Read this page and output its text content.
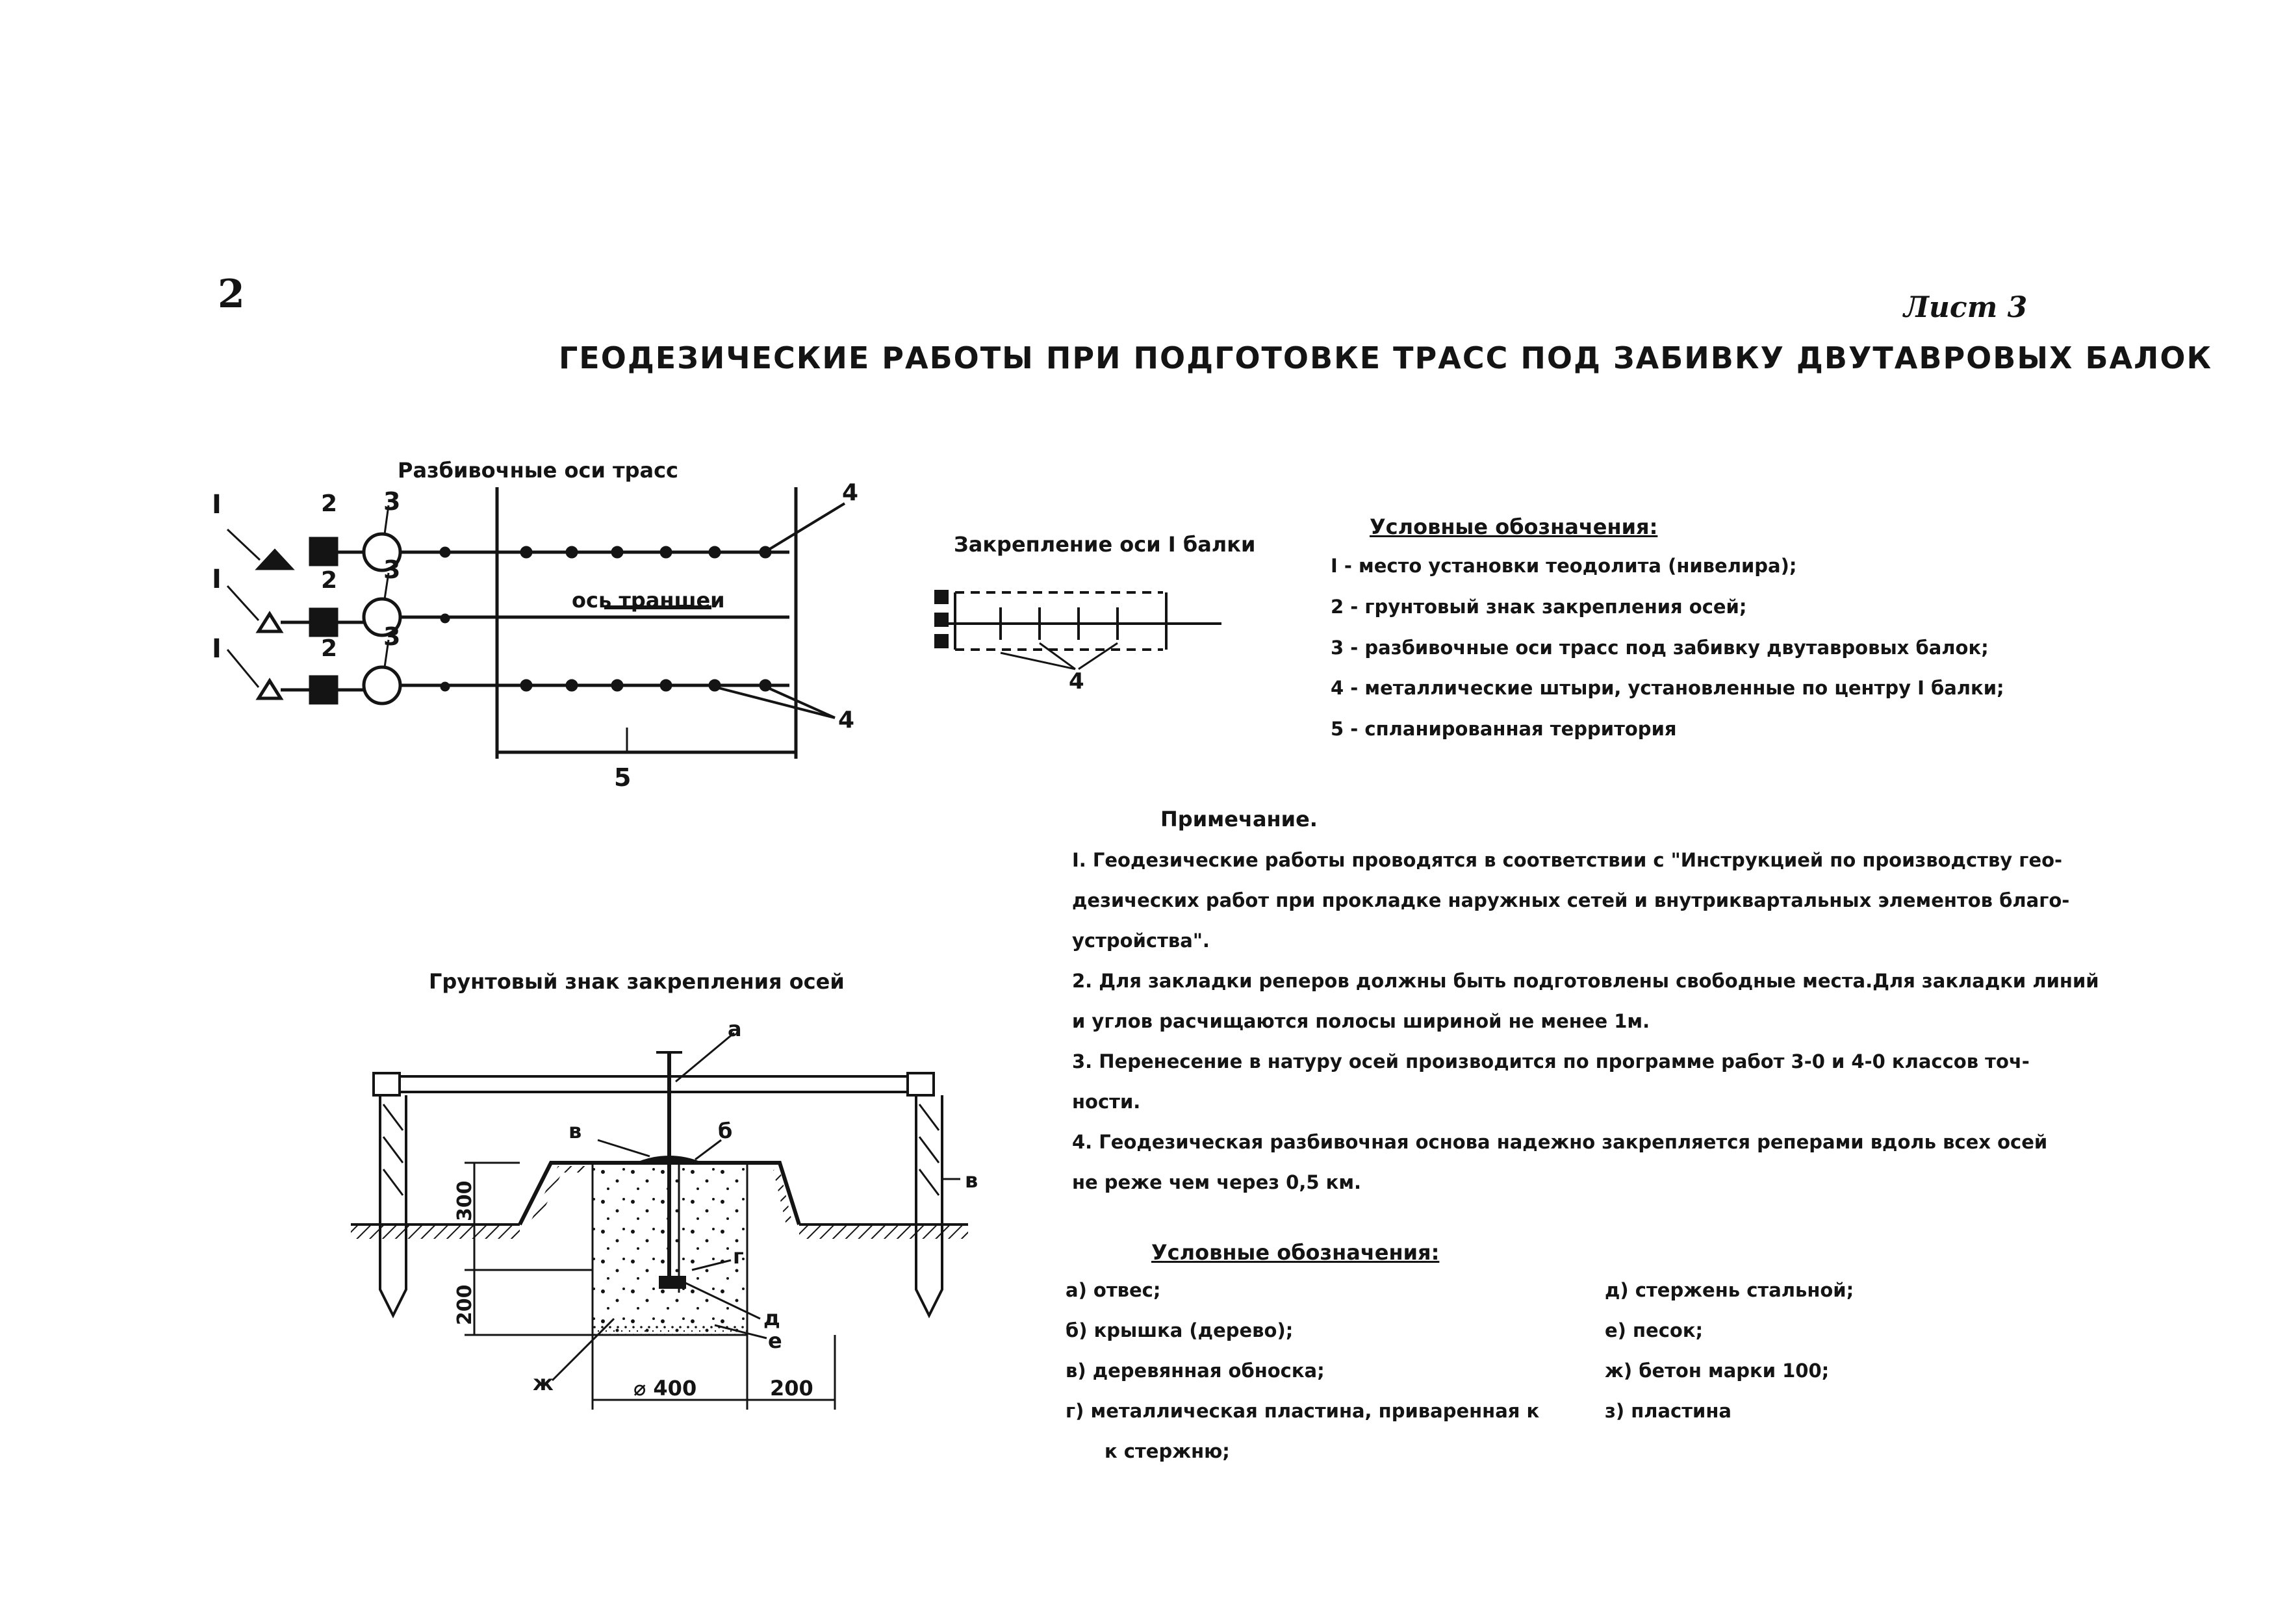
2	Лист 3
ГЕОДЕЗИЧЕСКИЕ РАБОТЫ ПРИ ПОДГОТОВКЕ ТРАСС ПОД ЗАБИВКУ ДВУТАВРОВЫХ БАЛОК
Разбивочные оси трасс
Закрепление оси I балки
Условные обозначения:
I - место установки теодолита (нивелира);
2 - грунтовый знак закрепления осей;
3 - разбивочные оси трасс под забивку двутавровых балок;
4 - металлические штыри, установленные по центру I балки;
5 - спланированная территория
Примечание.
I. Геодезические работы проводятся в соответствии с "Инструкцией по производству гео-
дезических работ при прокладке наружных сетей и внутриквартальных элементов благо-
устройства".
2. Для закладки реперов должны быть подготовлены свободные места.Для закладки линий
и углов расчищаются полосы шириной не менее 1м.
3. Перенесение в натуру осей производится по программе работ 3-0 и 4-0 классов точ-
ности.
4. Геодезическая разбивочная основа надежно закрепляется реперами вдоль всех осей
не реже чем через 0,5 км.
Грунтовый знак закрепления осей
Условные обозначения:
а) отвес;
б) крышка (дерево);
в) деревянная обноска;
г) металлическая пластина, приваренная к
к стержню;
д) стержень стальной;
е) песок;
ж) бетон марки 100;
з) пластина
I
I
I
2
2
2
3
3
3
4
4
5
ось траншеи
4
а
в	б
в
г
д
е
ж
300
200
⌀ 400	200
